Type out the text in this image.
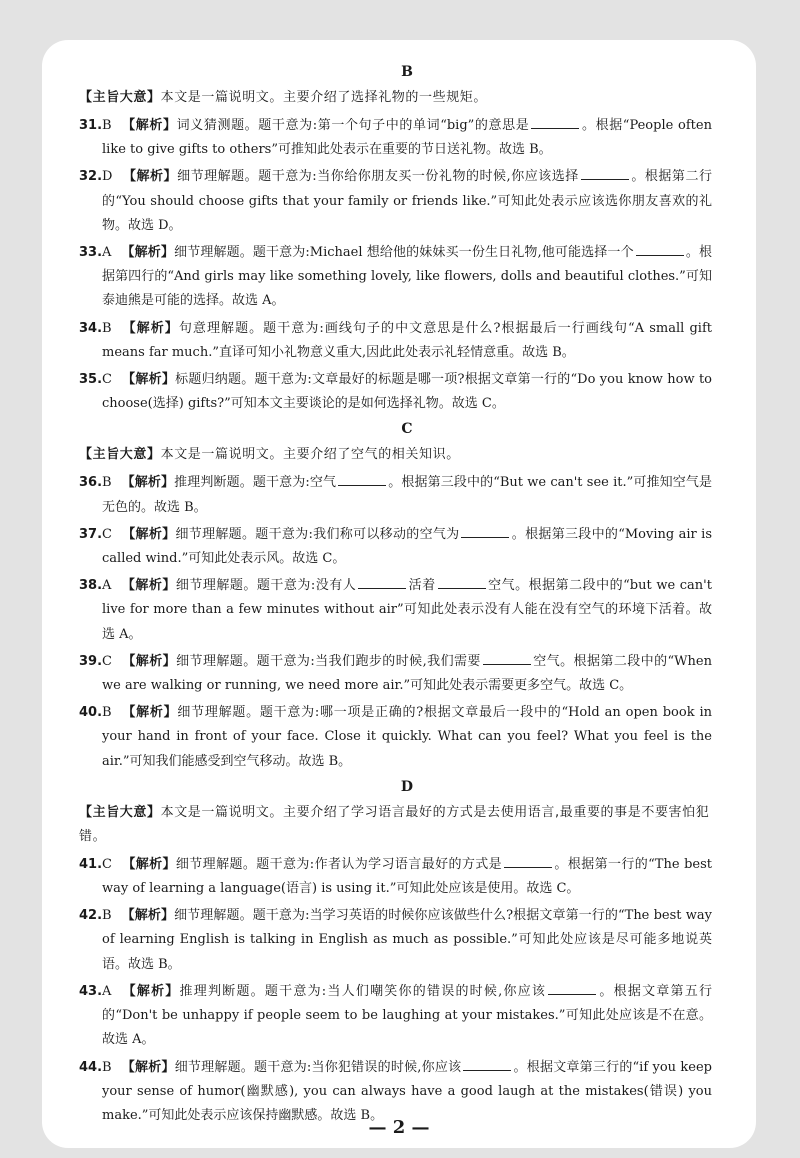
B
【主旨大意】本文是一篇说明文。主要介绍了选择礼物的一些规矩。
31. B 【解析】词义猜测题。题干意为:第一个句子中的单词“big”的意思是	。根据“People often like to give gifts to others”可推知此处表示在重要的节日送礼物。故选 B。

32. D 【解析】细节理解题。题干意为:当你给你朋友买一份礼物的时候,你应该选择	。根据第二行的“You should choose gifts that your family or friends like.”可知此处表示应该选你朋友喜欢的礼物。故选 D。

33. A 【解析】细节理解题。题干意为:Michael 想给他的妹妹买一份生日礼物,他可能选择一个	。根据第四行的“And girls may like something lovely, like flowers, dolls and beautiful clothes.”可知泰迪熊是可能的选择。故选 A。

34. B 【解析】句意理解题。题干意为:画线句子的中文意思是什么?根据最后一行画线句“A small gift means far much.”直译可知小礼物意义重大,因此此处表示礼轻情意重。故选 B。

35. C 【解析】标题归纳题。题干意为:文章最好的标题是哪一项?根据文章第一行的“Do you know how to choose(选择) gifts?”可知本文主要谈论的是如何选择礼物。故选 C。

C
【主旨大意】本文是一篇说明文。主要介绍了空气的相关知识。
36. B 【解析】推理判断题。题干意为:空气	。根据第三段中的“But we can't see it.”可推知空气是无色的。故选 B。

37. C 【解析】细节理解题。题干意为:我们称可以移动的空气为	。根据第三段中的“Moving air is called wind.”可知此处表示风。故选 C。

38. A 【解析】细节理解题。题干意为:没有人	活着	空气。根据第二段中的“but we can't live for more than a few minutes without air”可知此处表示没有人能在没有空气的环境下活着。故选 A。

39. C 【解析】细节理解题。题干意为:当我们跑步的时候,我们需要	空气。根据第二段中的“When we are walking or running, we need more air.”可知此处表示需要更多空气。故选 C。

40. B 【解析】细节理解题。题干意为:哪一项是正确的?根据文章最后一段中的“Hold an open book in your hand in front of your face. Close it quickly. What can you feel? What you feel is the air.”可知我们能感受到空气移动。故选 B。

D
【主旨大意】本文是一篇说明文。主要介绍了学习语言最好的方式是去使用语言,最重要的事是不要害怕犯错。
41. C 【解析】细节理解题。题干意为:作者认为学习语言最好的方式是	。根据第一行的“The best way of learning a language(语言) is using it.”可知此处应该是使用。故选 C。

42. B 【解析】细节理解题。题干意为:当学习英语的时候你应该做些什么?根据文章第一行的“The best way of learning English is talking in English as much as possible.”可知此处应该是尽可能多地说英语。故选 B。

43. A 【解析】推理判断题。题干意为:当人们嘲笑你的错误的时候,你应该	。根据文章第五行的“Don't be unhappy if people seem to be laughing at your mistakes.”可知此处应该是不在意。故选 A。

44. B 【解析】细节理解题。题干意为:当你犯错误的时候,你应该	。根据文章第三行的“if you keep your sense of humor(幽默感), you can always have a good laugh at the mistakes(错误) you make.”可知此处表示应该保持幽默感。故选 B。

— 2 —
